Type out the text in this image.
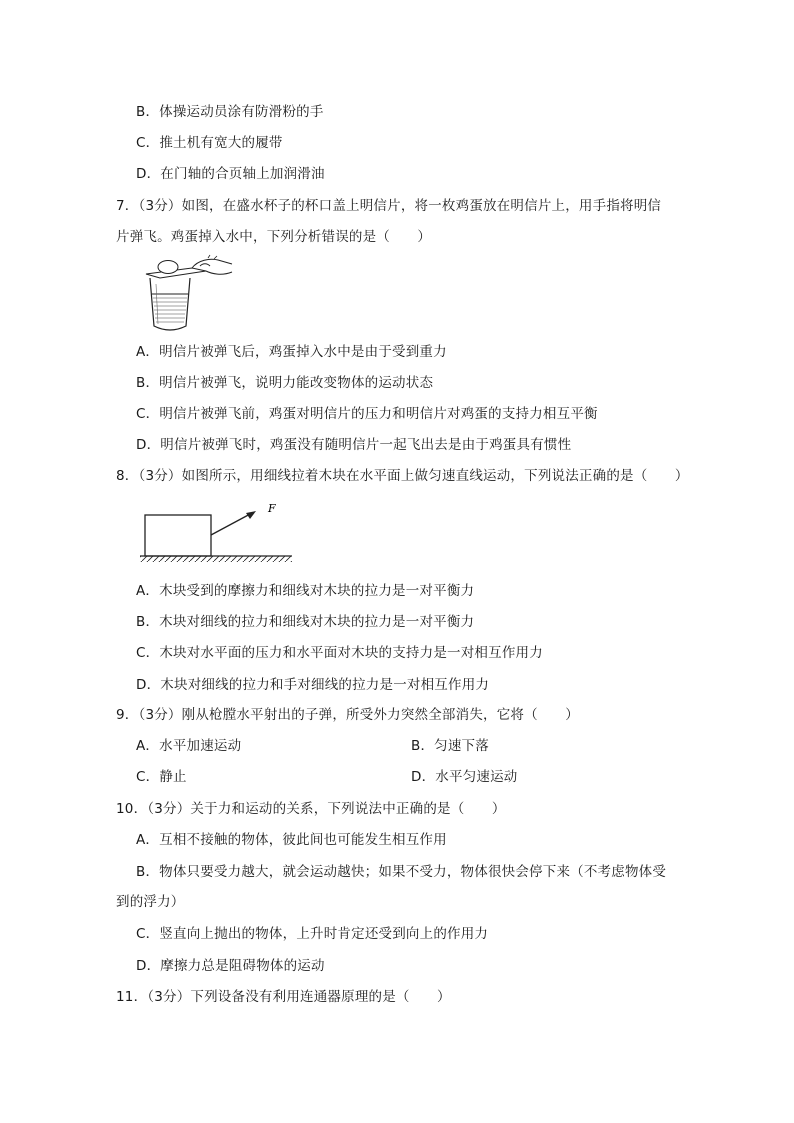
B．体操运动员涂有防滑粉的手
C．推土机有宽大的履带
D．在门轴的合页轴上加润滑油
7．（3分）如图，在盛水杯子的杯口盖上明信片，将一枚鸡蛋放在明信片上，用手指将明信
片弹飞。鸡蛋掉入水中，下列分析错误的是（　　）
A．明信片被弹飞后，鸡蛋掉入水中是由于受到重力
B．明信片被弹飞，说明力能改变物体的运动状态
C．明信片被弹飞前，鸡蛋对明信片的压力和明信片对鸡蛋的支持力相互平衡
D．明信片被弹飞时，鸡蛋没有随明信片一起飞出去是由于鸡蛋具有惯性
8．（3分）如图所示，用细线拉着木块在水平面上做匀速直线运动，下列说法正确的是（　　）
F
A．木块受到的摩擦力和细线对木块的拉力是一对平衡力
B．木块对细线的拉力和细线对木块的拉力是一对平衡力
C．木块对水平面的压力和水平面对木块的支持力是一对相互作用力
D．木块对细线的拉力和手对细线的拉力是一对相互作用力
9．（3分）刚从枪膛水平射出的子弹，所受外力突然全部消失，它将（　　）
A．水平加速运动	B．匀速下落
C．静止	D．水平匀速运动
10．（3分）关于力和运动的关系，下列说法中正确的是（　　）
A．互相不接触的物体，彼此间也可能发生相互作用
B．物体只要受力越大，就会运动越快；如果不受力，物体很快会停下来（不考虑物体受
到的浮力）
C．竖直向上抛出的物体，上升时肯定还受到向上的作用力
D．摩擦力总是阻碍物体的运动
11．（3分）下列设备没有利用连通器原理的是（　　）
